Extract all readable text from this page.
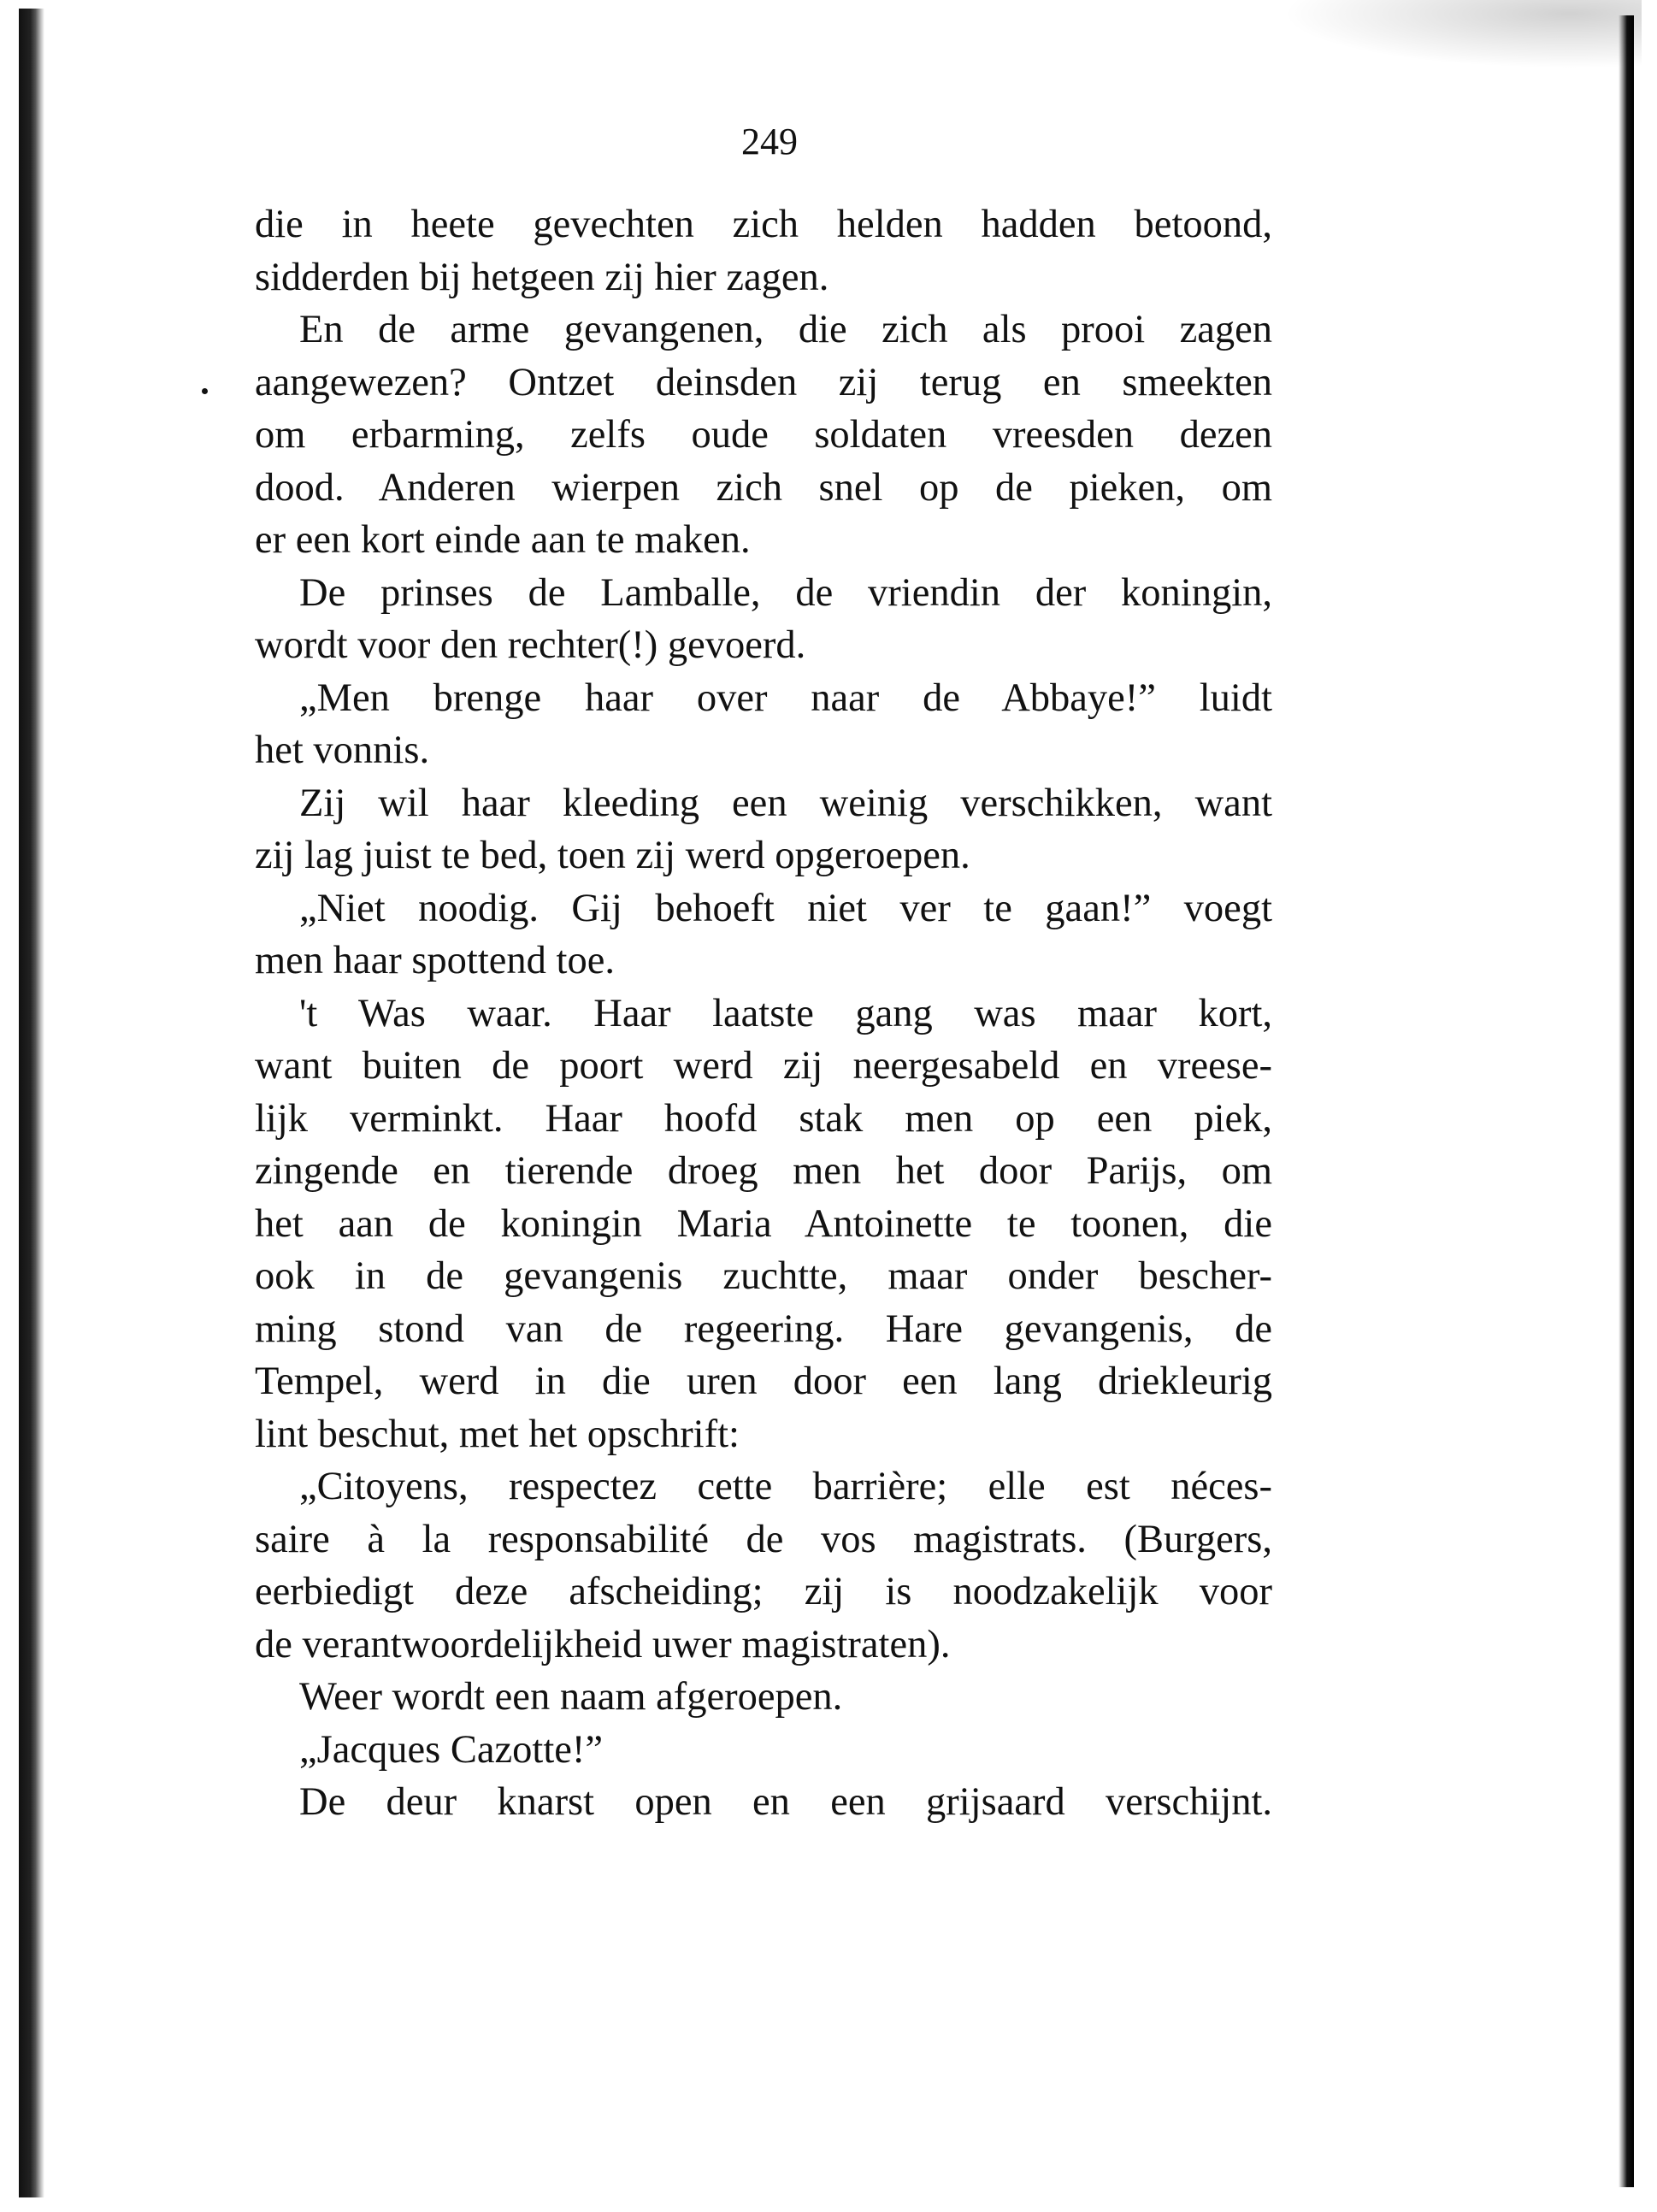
249
die in heete gevechten zich helden hadden betoond,
sidderden bij hetgeen zij hier zagen.
En de arme gevangenen, die zich als prooi zagen
aangewezen? Ontzet deinsden zij terug en smeekten
om erbarming, zelfs oude soldaten vreesden dezen
dood. Anderen wierpen zich snel op de pieken, om
er een kort einde aan te maken.
De prinses de Lamballe, de vriendin der koningin,
wordt voor den rechter(!) gevoerd.
„Men brenge haar over naar de Abbaye!” luidt
het vonnis.
Zij wil haar kleeding een weinig verschikken, want
zij lag juist te bed, toen zij werd opgeroepen.
„Niet noodig. Gij behoeft niet ver te gaan!” voegt
men haar spottend toe.
't Was waar. Haar laatste gang was maar kort,
want buiten de poort werd zij neergesabeld en vreese-
lijk verminkt. Haar hoofd stak men op een piek,
zingende en tierende droeg men het door Parijs, om
het aan de koningin Maria Antoinette te toonen, die
ook in de gevangenis zuchtte, maar onder bescher-
ming stond van de regeering. Hare gevangenis, de
Tempel, werd in die uren door een lang driekleurig
lint beschut, met het opschrift:
„Citoyens, respectez cette barrière; elle est néces-
saire à la responsabilité de vos magistrats. (Burgers,
eerbiedigt deze afscheiding; zij is noodzakelijk voor
de verantwoordelijkheid uwer magistraten).
Weer wordt een naam afgeroepen.
„Jacques Cazotte!”
De deur knarst open en een grijsaard verschijnt.
